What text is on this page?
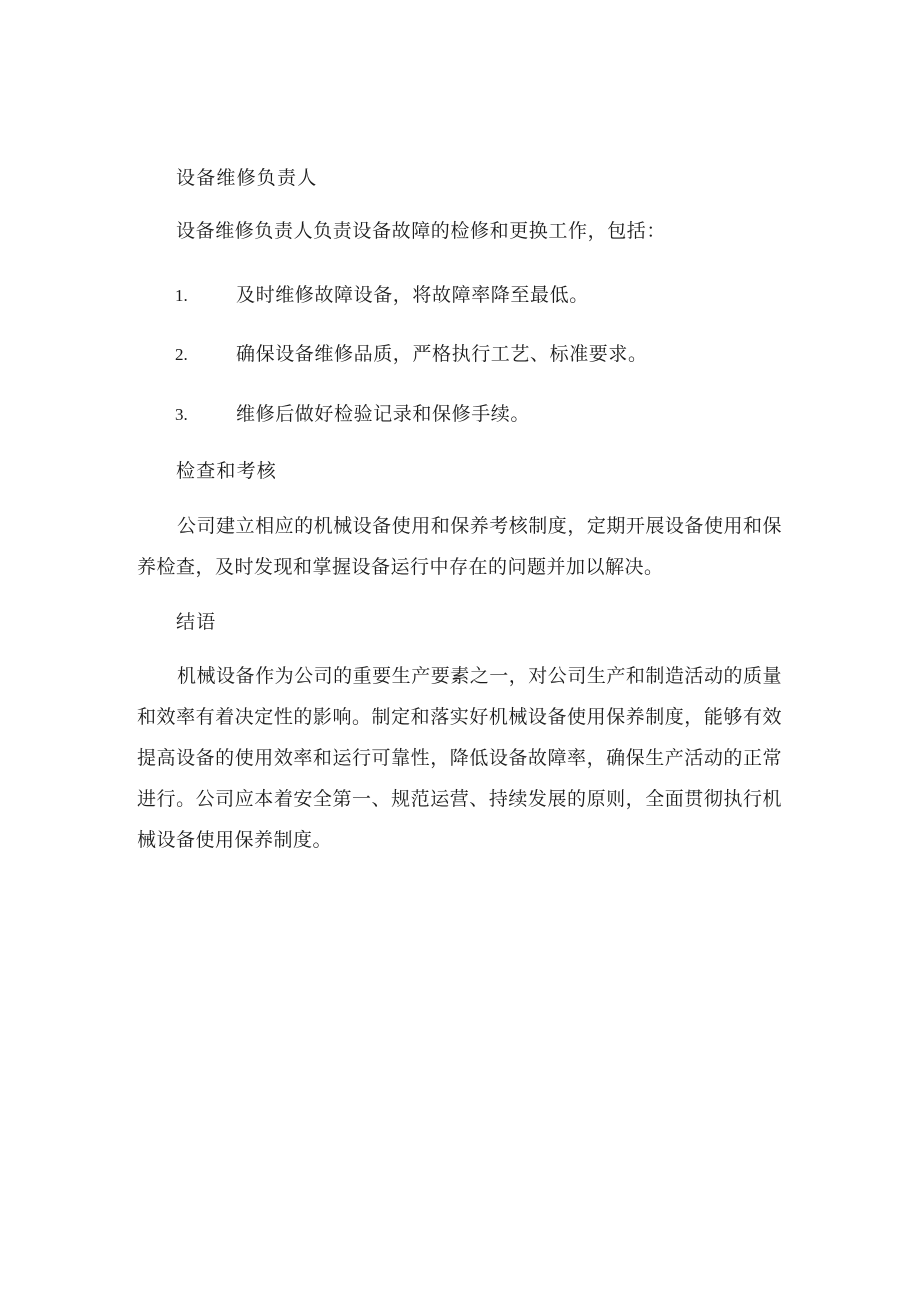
设备维修负责人
设备维修负责人负责设备故障的检修和更换工作，包括：
1.	及时维修故障设备，将故障率降至最低。
2.	确保设备维修品质，严格执行工艺、标准要求。
3.	维修后做好检验记录和保修手续。
检查和考核
公司建立相应的机械设备使用和保养考核制度，定期开展设备使用和保养检查，及时发现和掌握设备运行中存在的问题并加以解决。
结语
机械设备作为公司的重要生产要素之一，对公司生产和制造活动的质量和效率有着决定性的影响。制定和落实好机械设备使用保养制度，能够有效提高设备的使用效率和运行可靠性，降低设备故障率，确保生产活动的正常进行。公司应本着安全第一、规范运营、持续发展的原则，全面贯彻执行机械设备使用保养制度。
